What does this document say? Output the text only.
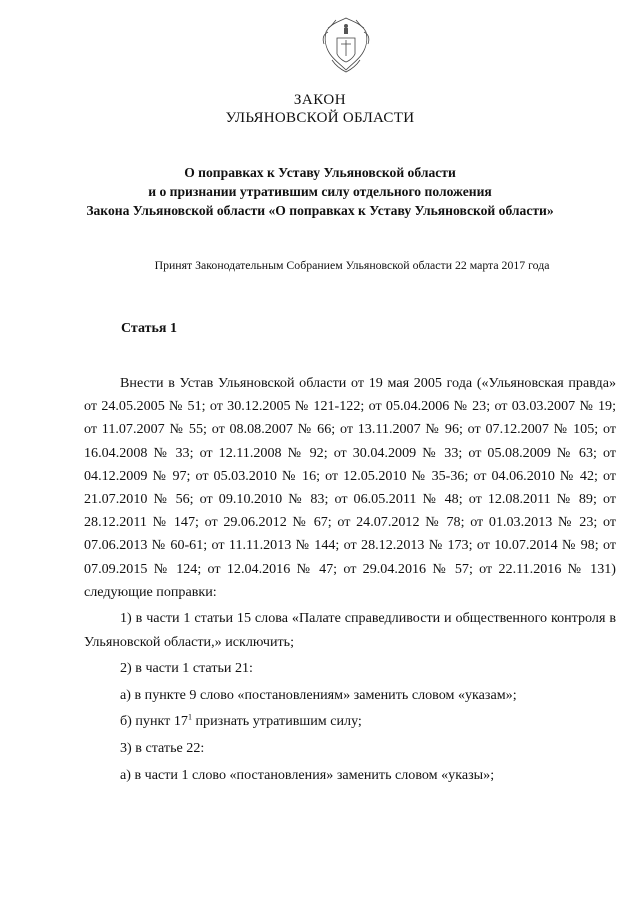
ЗАКОН
УЛЬЯНОВСКОЙ ОБЛАСТИ
О поправках к Уставу Ульяновской области
и о признании утратившим силу отдельного положения
Закона Ульяновской области «О поправках к Уставу Ульяновской области»
Принят Законодательным Собранием Ульяновской области 22 марта 2017 года
Статья 1

Внести в Устав Ульяновской области от 19 мая 2005 года («Ульяновская правда» от 24.05.2005 № 51; от 30.12.2005 № 121-122; от 05.04.2006 № 23; от 03.03.2007 № 19; от 11.07.2007 № 55; от 08.08.2007 № 66; от 13.11.2007 № 96; от 07.12.2007 № 105; от 16.04.2008 № 33; от 12.11.2008 № 92; от 30.04.2009 № 33; от 05.08.2009 № 63; от 04.12.2009 № 97; от 05.03.2010 № 16; от 12.05.2010 № 35-36; от 04.06.2010 № 42; от 21.07.2010 № 56; от 09.10.2010 № 83; от 06.05.2011 № 48; от 12.08.2011 № 89; от 28.12.2011 № 147; от 29.06.2012 № 67; от 24.07.2012 № 78; от 01.03.2013 № 23; от 07.06.2013 № 60-61; от 11.11.2013 № 144; от 28.12.2013 № 173; от 10.07.2014 № 98; от 07.09.2015 № 124; от 12.04.2016 № 47; от 29.04.2016 № 57; от 22.11.2016 № 131) следующие поправки:

1) в части 1 статьи 15 слова «Палате справедливости и общественного контроля в Ульяновской области,» исключить;

2) в части 1 статьи 21:

а) в пункте 9 слово «постановлениям» заменить словом «указам»;

б) пункт $17^1$ признать утратившим силу;

3) в статье 22:

а) в части 1 слово «постановления» заменить словом «указы»;
